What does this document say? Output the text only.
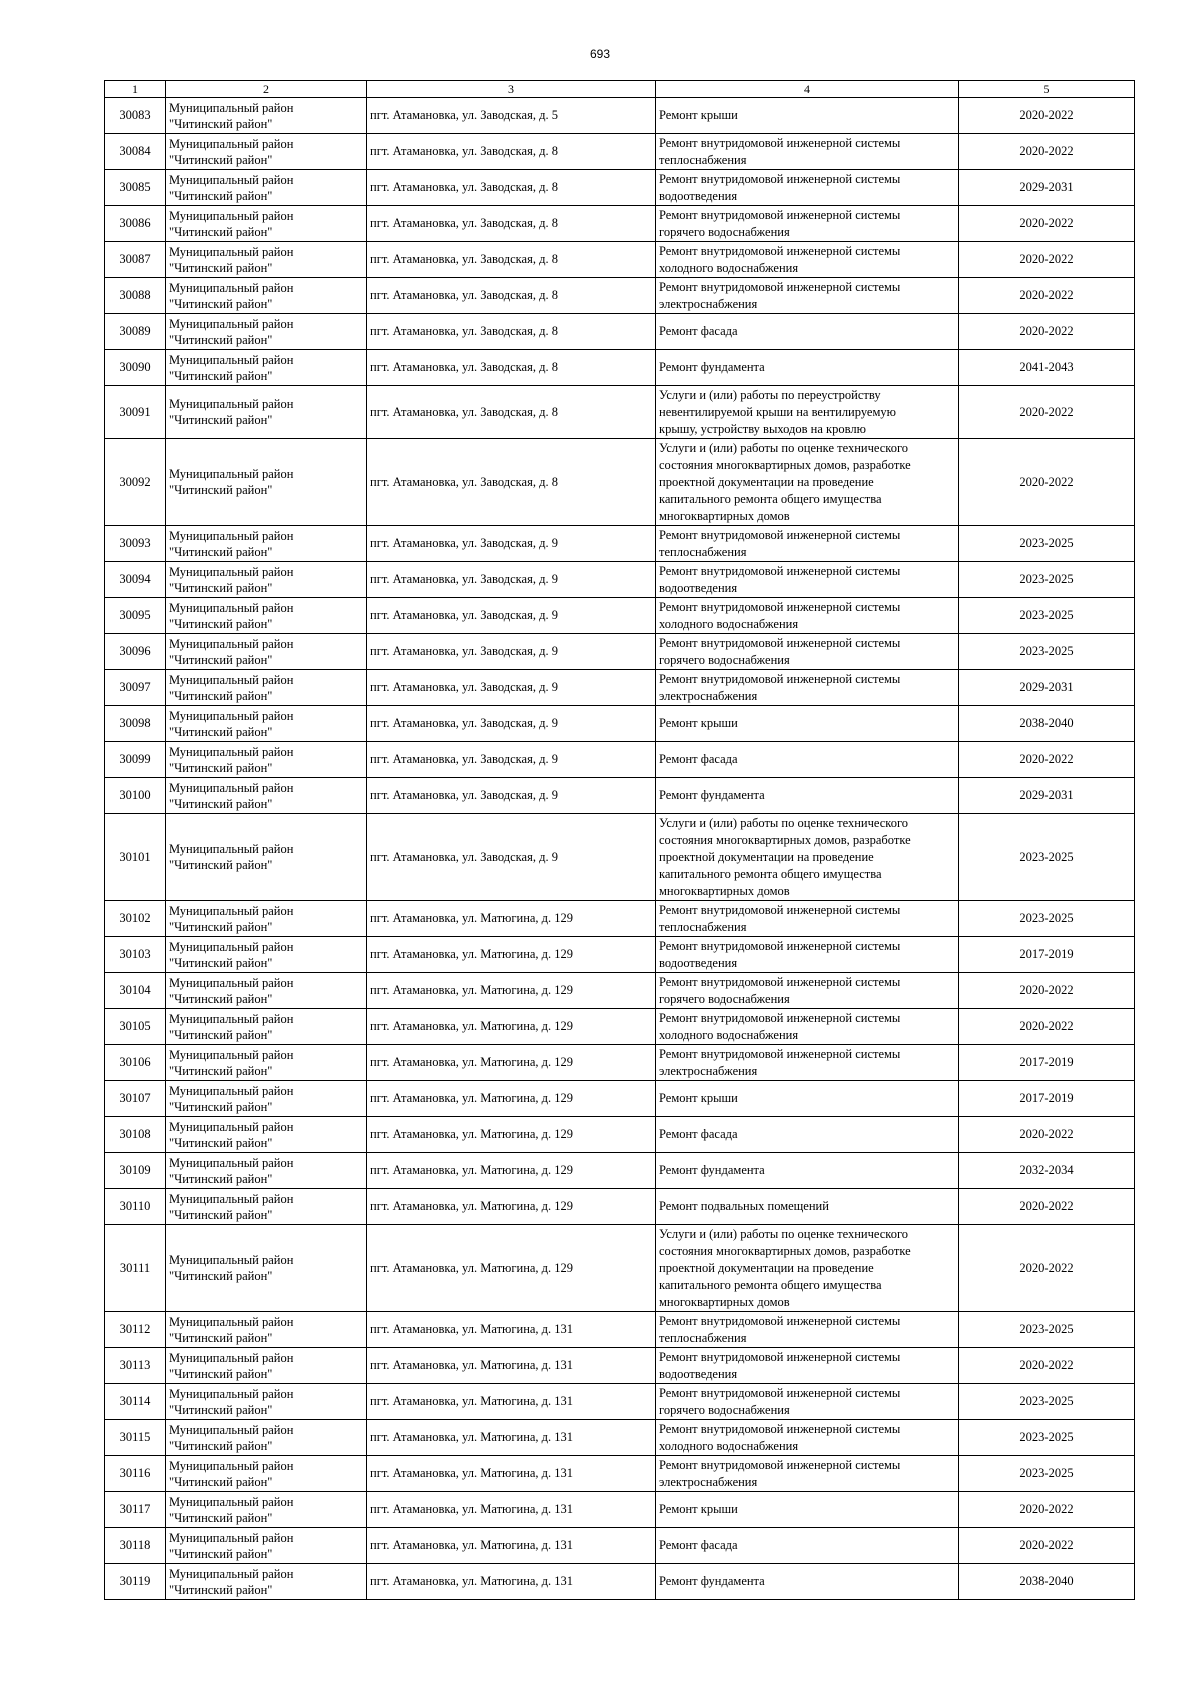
693
1	2	3	4	5
30083	Муниципальный район
"Читинский район"	пгт. Атамановка, ул. Заводская, д. 5	Ремонт крыши	2020-2022
30084	Муниципальный район
"Читинский район"	пгт. Атамановка, ул. Заводская, д. 8	Ремонт внутридомовой инженерной системы
теплоснабжения	2020-2022
30085	Муниципальный район
"Читинский район"	пгт. Атамановка, ул. Заводская, д. 8	Ремонт внутридомовой инженерной системы
водоотведения	2029-2031
30086	Муниципальный район
"Читинский район"	пгт. Атамановка, ул. Заводская, д. 8	Ремонт внутридомовой инженерной системы
горячего водоснабжения	2020-2022
30087	Муниципальный район
"Читинский район"	пгт. Атамановка, ул. Заводская, д. 8	Ремонт внутридомовой инженерной системы
холодного водоснабжения	2020-2022
30088	Муниципальный район
"Читинский район"	пгт. Атамановка, ул. Заводская, д. 8	Ремонт внутридомовой инженерной системы
электроснабжения	2020-2022
30089	Муниципальный район
"Читинский район"	пгт. Атамановка, ул. Заводская, д. 8	Ремонт фасада	2020-2022
30090	Муниципальный район
"Читинский район"	пгт. Атамановка, ул. Заводская, д. 8	Ремонт фундамента	2041-2043
30091	Муниципальный район
"Читинский район"	пгт. Атамановка, ул. Заводская, д. 8	Услуги и (или) работы по переустройству
невентилируемой крыши на вентилируемую
крышу, устройству выходов на кровлю	2020-2022
30092	Муниципальный район
"Читинский район"	пгт. Атамановка, ул. Заводская, д. 8	Услуги и (или) работы по оценке технического
состояния многоквартирных домов, разработке
проектной документации на проведение
капитального ремонта общего имущества
многоквартирных домов	2020-2022
30093	Муниципальный район
"Читинский район"	пгт. Атамановка, ул. Заводская, д. 9	Ремонт внутридомовой инженерной системы
теплоснабжения	2023-2025
30094	Муниципальный район
"Читинский район"	пгт. Атамановка, ул. Заводская, д. 9	Ремонт внутридомовой инженерной системы
водоотведения	2023-2025
30095	Муниципальный район
"Читинский район"	пгт. Атамановка, ул. Заводская, д. 9	Ремонт внутридомовой инженерной системы
холодного водоснабжения	2023-2025
30096	Муниципальный район
"Читинский район"	пгт. Атамановка, ул. Заводская, д. 9	Ремонт внутридомовой инженерной системы
горячего водоснабжения	2023-2025
30097	Муниципальный район
"Читинский район"	пгт. Атамановка, ул. Заводская, д. 9	Ремонт внутридомовой инженерной системы
электроснабжения	2029-2031
30098	Муниципальный район
"Читинский район"	пгт. Атамановка, ул. Заводская, д. 9	Ремонт крыши	2038-2040
30099	Муниципальный район
"Читинский район"	пгт. Атамановка, ул. Заводская, д. 9	Ремонт фасада	2020-2022
30100	Муниципальный район
"Читинский район"	пгт. Атамановка, ул. Заводская, д. 9	Ремонт фундамента	2029-2031
30101	Муниципальный район
"Читинский район"	пгт. Атамановка, ул. Заводская, д. 9	Услуги и (или) работы по оценке технического
состояния многоквартирных домов, разработке
проектной документации на проведение
капитального ремонта общего имущества
многоквартирных домов	2023-2025
30102	Муниципальный район
"Читинский район"	пгт. Атамановка, ул. Матюгина, д. 129	Ремонт внутридомовой инженерной системы
теплоснабжения	2023-2025
30103	Муниципальный район
"Читинский район"	пгт. Атамановка, ул. Матюгина, д. 129	Ремонт внутридомовой инженерной системы
водоотведения	2017-2019
30104	Муниципальный район
"Читинский район"	пгт. Атамановка, ул. Матюгина, д. 129	Ремонт внутридомовой инженерной системы
горячего водоснабжения	2020-2022
30105	Муниципальный район
"Читинский район"	пгт. Атамановка, ул. Матюгина, д. 129	Ремонт внутридомовой инженерной системы
холодного водоснабжения	2020-2022
30106	Муниципальный район
"Читинский район"	пгт. Атамановка, ул. Матюгина, д. 129	Ремонт внутридомовой инженерной системы
электроснабжения	2017-2019
30107	Муниципальный район
"Читинский район"	пгт. Атамановка, ул. Матюгина, д. 129	Ремонт крыши	2017-2019
30108	Муниципальный район
"Читинский район"	пгт. Атамановка, ул. Матюгина, д. 129	Ремонт фасада	2020-2022
30109	Муниципальный район
"Читинский район"	пгт. Атамановка, ул. Матюгина, д. 129	Ремонт фундамента	2032-2034
30110	Муниципальный район
"Читинский район"	пгт. Атамановка, ул. Матюгина, д. 129	Ремонт подвальных помещений	2020-2022
30111	Муниципальный район
"Читинский район"	пгт. Атамановка, ул. Матюгина, д. 129	Услуги и (или) работы по оценке технического
состояния многоквартирных домов, разработке
проектной документации на проведение
капитального ремонта общего имущества
многоквартирных домов	2020-2022
30112	Муниципальный район
"Читинский район"	пгт. Атамановка, ул. Матюгина, д. 131	Ремонт внутридомовой инженерной системы
теплоснабжения	2023-2025
30113	Муниципальный район
"Читинский район"	пгт. Атамановка, ул. Матюгина, д. 131	Ремонт внутридомовой инженерной системы
водоотведения	2020-2022
30114	Муниципальный район
"Читинский район"	пгт. Атамановка, ул. Матюгина, д. 131	Ремонт внутридомовой инженерной системы
горячего водоснабжения	2023-2025
30115	Муниципальный район
"Читинский район"	пгт. Атамановка, ул. Матюгина, д. 131	Ремонт внутридомовой инженерной системы
холодного водоснабжения	2023-2025
30116	Муниципальный район
"Читинский район"	пгт. Атамановка, ул. Матюгина, д. 131	Ремонт внутридомовой инженерной системы
электроснабжения	2023-2025
30117	Муниципальный район
"Читинский район"	пгт. Атамановка, ул. Матюгина, д. 131	Ремонт крыши	2020-2022
30118	Муниципальный район
"Читинский район"	пгт. Атамановка, ул. Матюгина, д. 131	Ремонт фасада	2020-2022
30119	Муниципальный район
"Читинский район"	пгт. Атамановка, ул. Матюгина, д. 131	Ремонт фундамента	2038-2040
